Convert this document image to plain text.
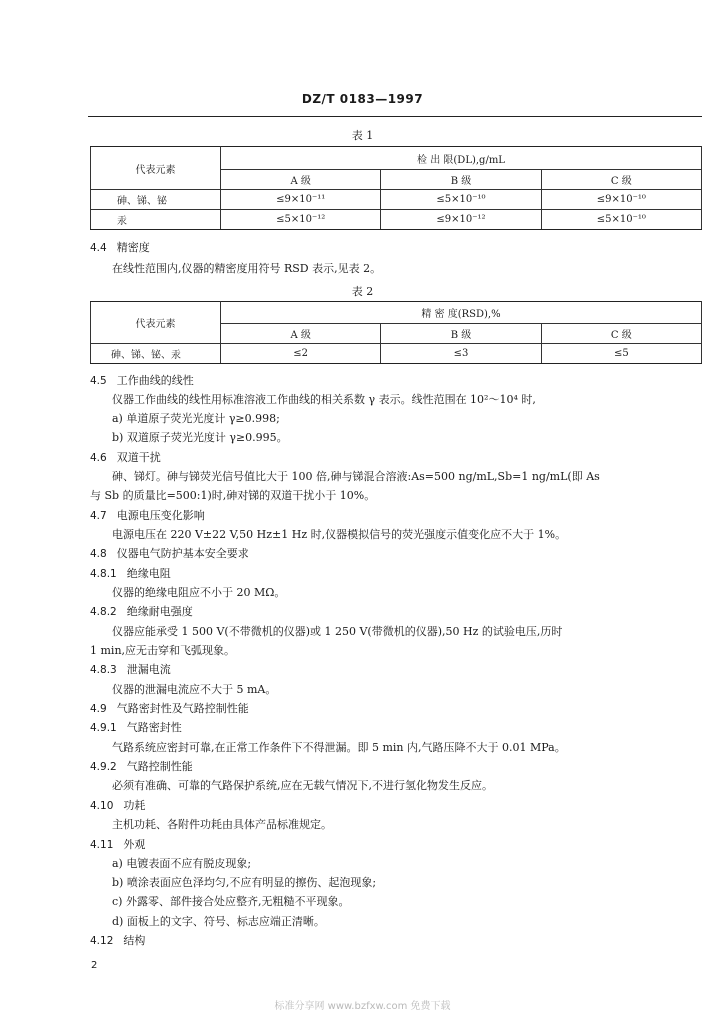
DZ/T 0183—1997
表 1
代表元素	检 出 限(DL),g/mL		
	A 级	B 级	C 级
砷、锑、铋	≤9×10⁻¹¹	≤5×10⁻¹⁰	≤9×10⁻¹⁰
汞	≤5×10⁻¹²	≤9×10⁻¹²	≤5×10⁻¹⁰
4.4 精密度
在线性范围内,仪器的精密度用符号 RSD 表示,见表 2。
表 2
代表元素	精 密 度(RSD),%		
	A 级	B 级	C 级
砷、锑、铋、汞	≤2	≤3	≤5
4.5 工作曲线的线性
仪器工作曲线的线性用标准溶液工作曲线的相关系数 γ 表示。线性范围在 10²～10⁴ 时,
a) 单道原子荧光光度计 γ≥0.998;
b) 双道原子荧光光度计 γ≥0.995。
4.6 双道干扰
砷、锑灯。砷与锑荧光信号值比大于 100 倍,砷与锑混合溶液:As=500 ng/mL,Sb=1 ng/mL(即 As
与 Sb 的质量比=500:1)时,砷对锑的双道干扰小于 10%。
4.7 电源电压变化影响
电源电压在 220 V±22 V,50 Hz±1 Hz 时,仪器模拟信号的荧光强度示值变化应不大于 1%。
4.8 仪器电气防护基本安全要求
4.8.1 绝缘电阻
仪器的绝缘电阻应不小于 20 MΩ。
4.8.2 绝缘耐电强度
仪器应能承受 1 500 V(不带微机的仪器)或 1 250 V(带微机的仪器),50 Hz 的试验电压,历时
1 min,应无击穿和飞弧现象。
4.8.3 泄漏电流
仪器的泄漏电流应不大于 5 mA。
4.9 气路密封性及气路控制性能
4.9.1 气路密封性
气路系统应密封可靠,在正常工作条件下不得泄漏。即 5 min 内,气路压降不大于 0.01 MPa。
4.9.2 气路控制性能
必须有准确、可靠的气路保护系统,应在无载气情况下,不进行氢化物发生反应。
4.10 功耗
主机功耗、各附件功耗由具体产品标准规定。
4.11 外观
a) 电镀表面不应有脱皮现象;
b) 喷涂表面应色泽均匀,不应有明显的擦伤、起泡现象;
c) 外露零、部件接合处应整齐,无粗糙不平现象。
d) 面板上的文字、符号、标志应端正清晰。
4.12 结构
2
标准分享网 www.bzfxw.com 免费下载
